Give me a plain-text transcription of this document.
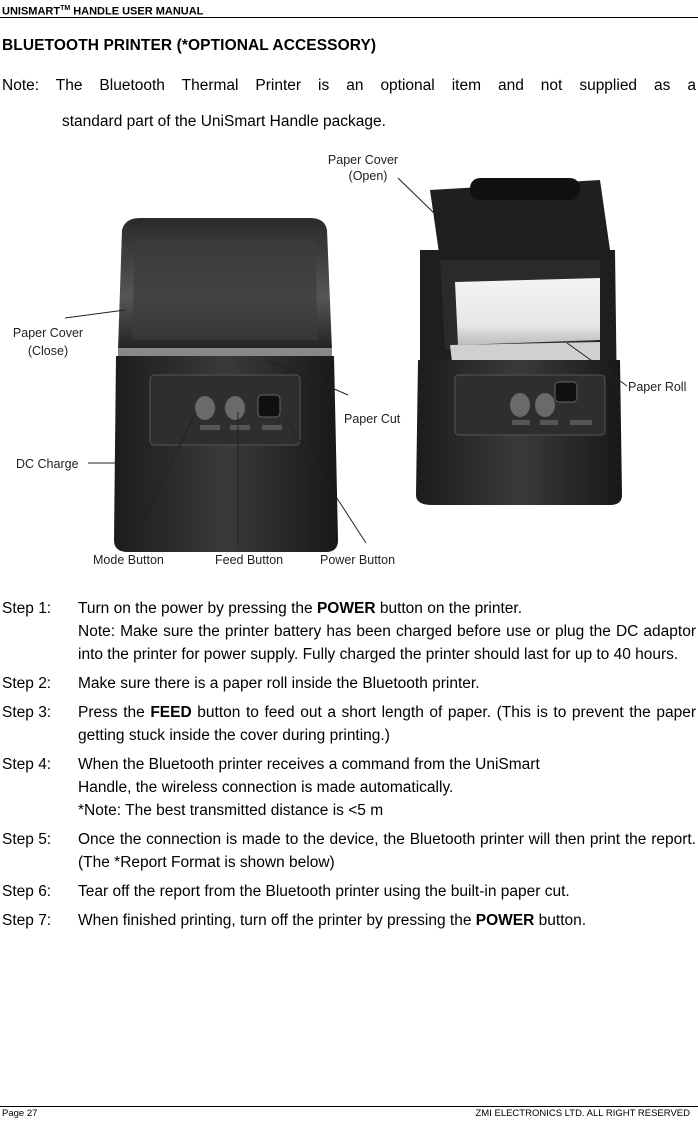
UNISMART™ HANDLE USER MANUAL
BLUETOOTH PRINTER (*OPTIONAL ACCESSORY)
Note: The Bluetooth Thermal Printer is an optional item and not supplied as a
standard part of the UniSmart Handle package.
Paper Cover
(Open)
Paper Cover
(Close)
Paper Roll
Paper Cut
DC Charge
Mode Button	Feed Button	Power Button
Step 1:	Turn on the power by pressing the POWER button on the printer.
Note: Make sure the printer battery has been charged before use or plug the DC adaptor into the printer for power supply. Fully charged the printer should last for up to 40 hours.
Step 2:	Make sure there is a paper roll inside the Bluetooth printer.
Step 3:	Press the FEED button to feed out a short length of paper. (This is to prevent the paper getting stuck inside the cover during printing.)
Step 4:	When the Bluetooth printer receives a command from the UniSmart
Handle, the wireless connection is made automatically.
*Note: The best transmitted distance is <5 m
Step 5:	Once the connection is made to the device, the Bluetooth printer will then print the report. (The *Report Format is shown below)
Step 6:	Tear off the report from the Bluetooth printer using the built-in paper cut.
Step 7:	When finished printing, turn off the printer by pressing the POWER button.
Page 27	ZMI ELECTRONICS LTD. ALL RIGHT RESERVED
